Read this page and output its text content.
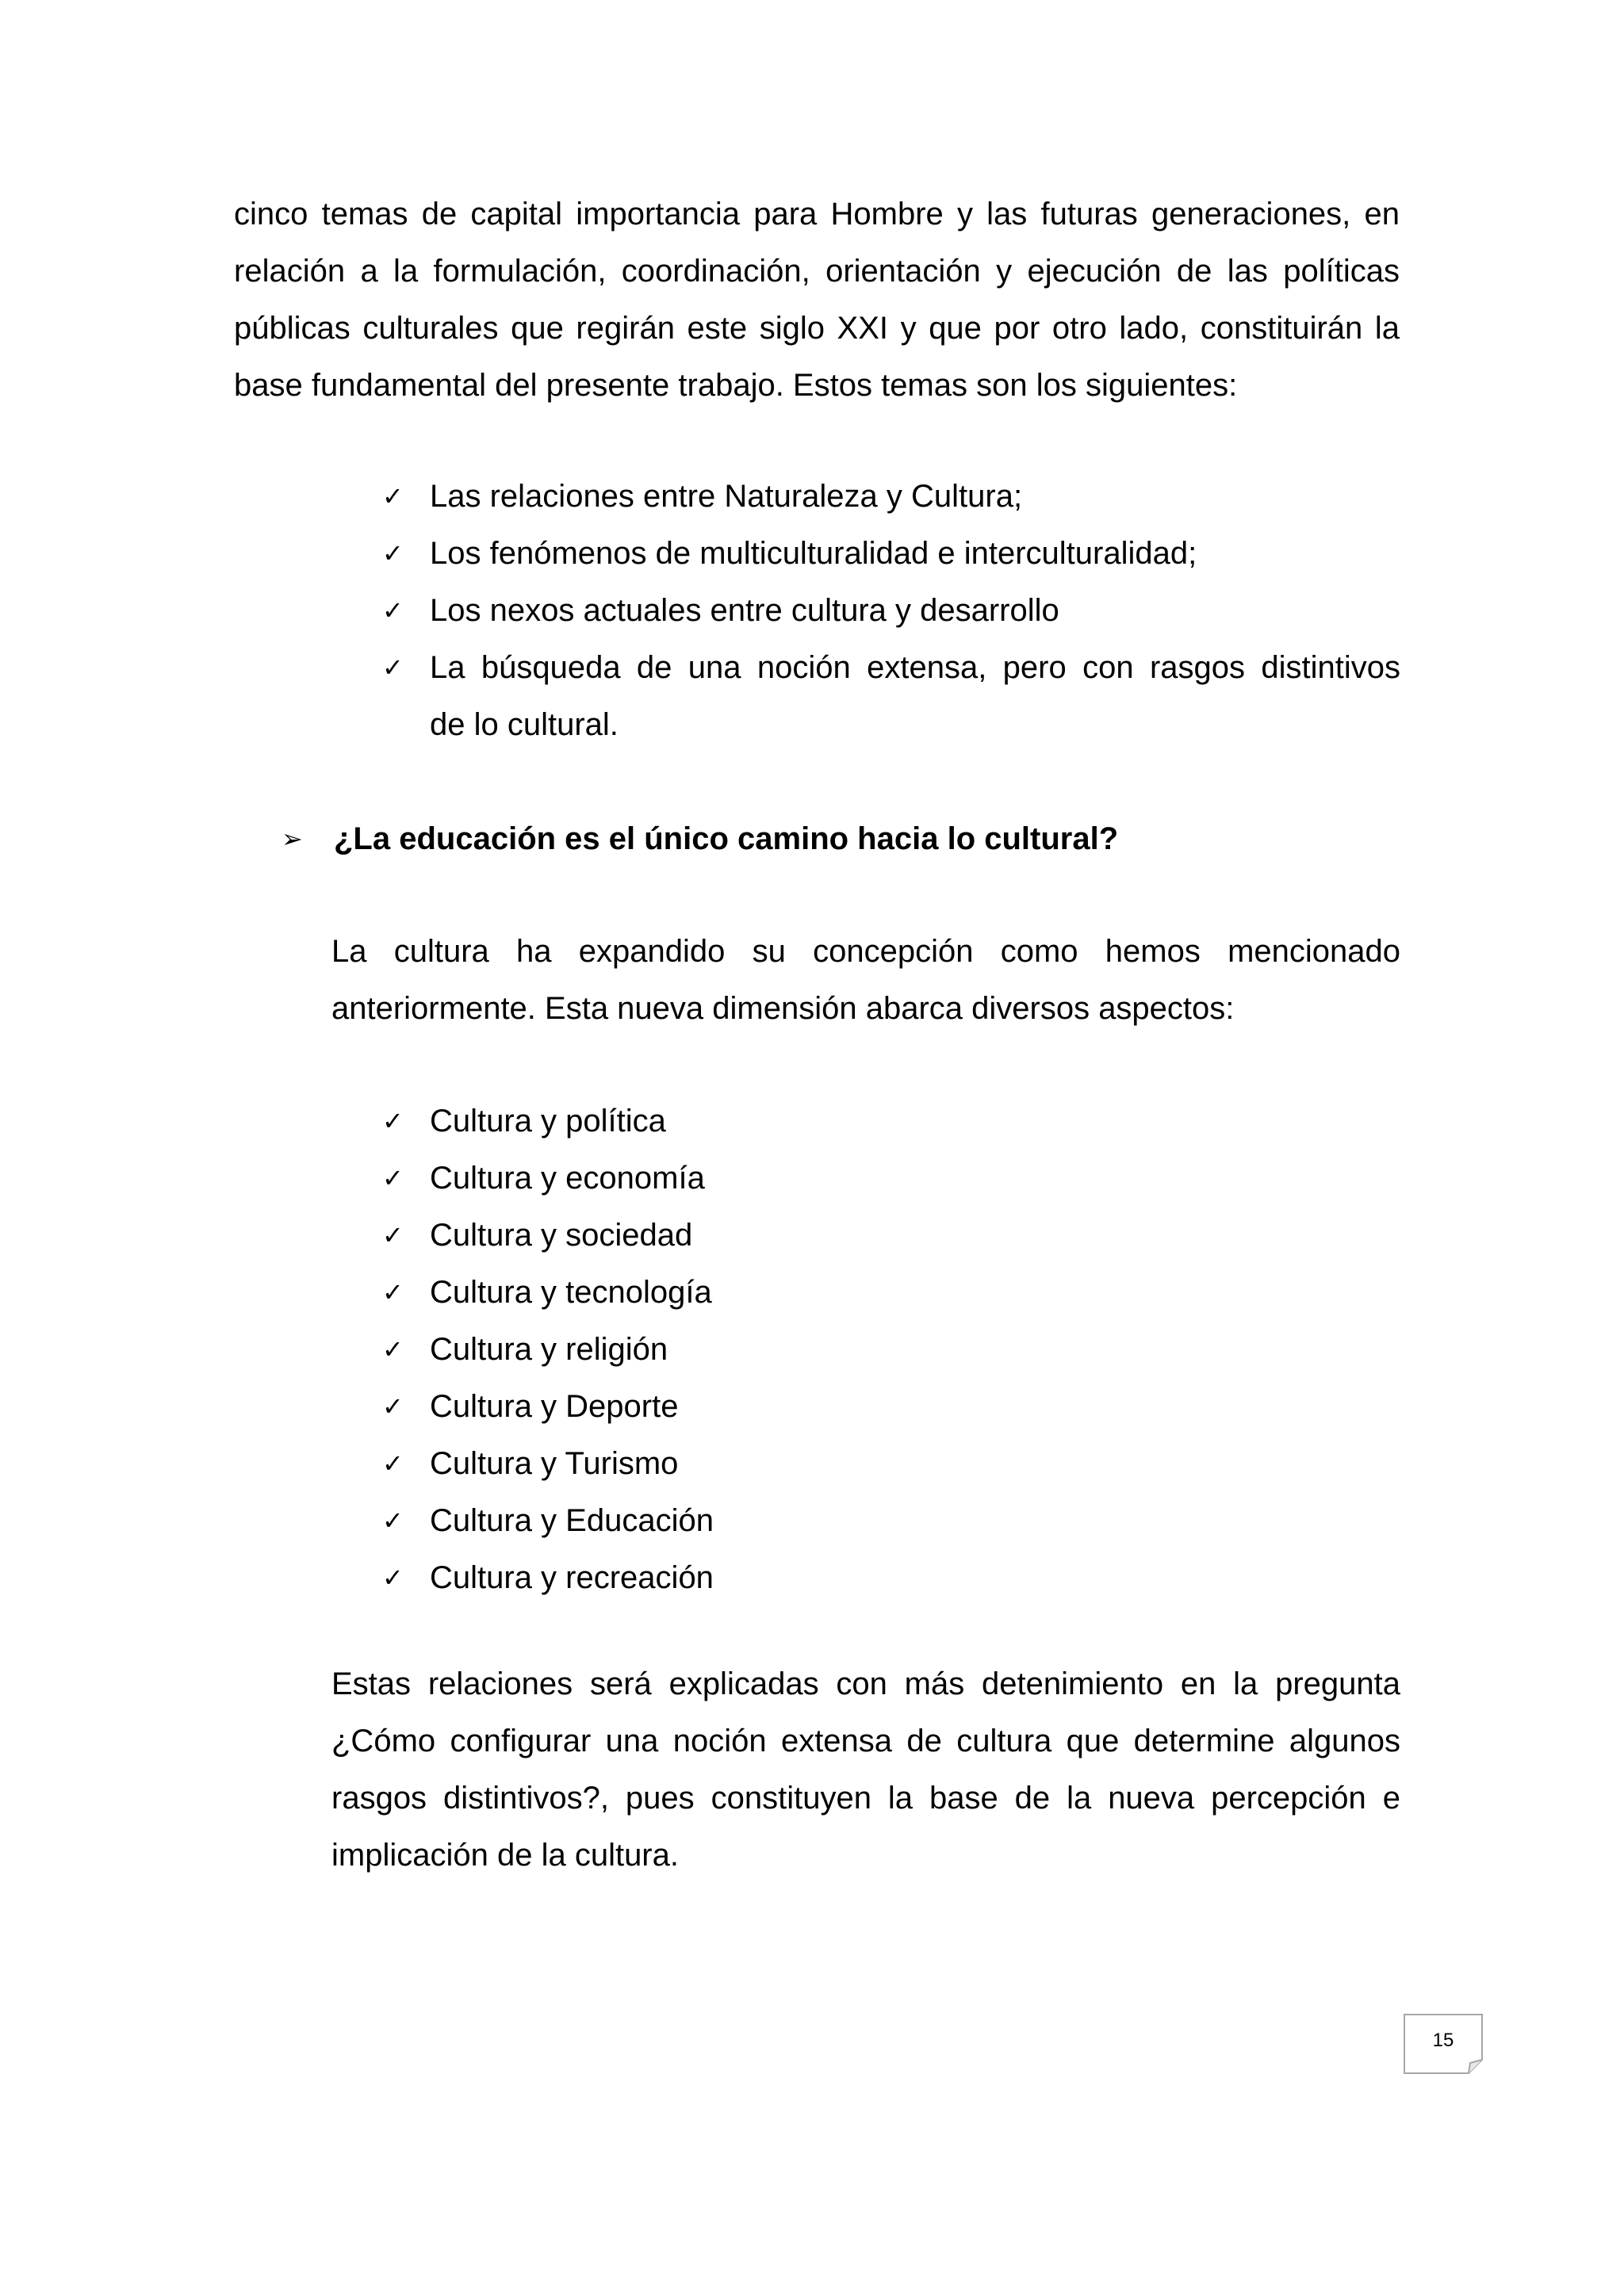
cinco temas de capital importancia para Hombre y las futuras generaciones, en
relación a la formulación, coordinación, orientación y ejecución de las políticas
públicas culturales que regirán este siglo XXI y que por otro lado, constituirán la
base fundamental del presente trabajo. Estos temas son los siguientes:

✓ Las relaciones entre Naturaleza y Cultura;
✓ Los fenómenos de multiculturalidad e interculturalidad;
✓ Los nexos actuales entre cultura y desarrollo
✓ La búsqueda de una noción extensa, pero con rasgos distintivos
de lo cultural.
➢ ¿La educación es el único camino hacia lo cultural?

La cultura ha expandido su concepción como hemos mencionado
anteriormente. Esta nueva dimensión abarca diversos aspectos:

✓ Cultura y política
✓ Cultura y economía
✓ Cultura y sociedad
✓ Cultura y tecnología
✓ Cultura y religión
✓ Cultura y Deporte
✓ Cultura y Turismo
✓ Cultura y Educación
✓ Cultura y recreación

Estas relaciones será explicadas con más detenimiento en la pregunta
¿Cómo configurar una noción extensa de cultura que determine algunos
rasgos distintivos?, pues constituyen la base de la nueva percepción e
implicación de la cultura.

15
